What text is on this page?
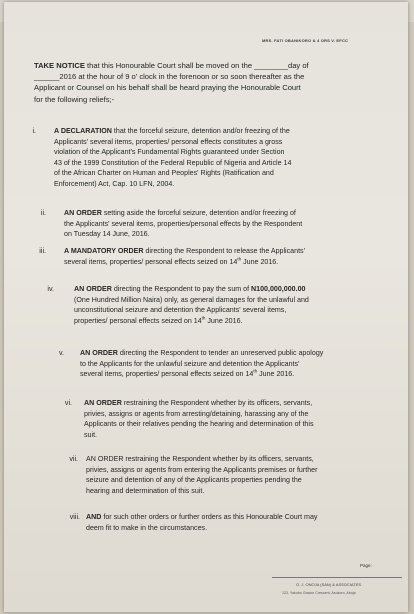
MRS. FATI OBANIKORO & 4 ORS V. EFCC
TAKE NOTICE that this Honourable Court shall be moved on the ________day of
______2016 at the hour of 9 o' clock in the forenoon or so soon thereafter as the
Applicant or Counsel on his behalf shall be heard praying the Honourable Court
for the following reliefs;-
i.	A DECLARATION that the forceful seizure, detention and/or freezing of the
Applicants' several items, properties/ personal effects constitutes a gross
violation of the Applicant's Fundamental Rights guaranteed under Section
43 of the 1999 Constitution of the Federal Republic of Nigeria and Article 14
of the African Charter on Human and Peoples' Rights (Ratification and
Enforcement) Act, Cap. 10 LFN, 2004.
ii.	AN ORDER setting aside the forceful seizure, detention and/or freezing of
the Applicants' several items, properties/personal effects by the Respondent
on Tuesday 14 June, 2016.
iii.	A MANDATORY ORDER directing the Respondent to release the Applicants'
several items, properties/ personal effects seized on 14th June 2016.
iv.	AN ORDER directing the Respondent to pay the sum of N100,000,000.00
(One Hundred Million Naira) only, as general damages for the unlawful and
unconstitutional seizure and detention the Applicants' several items,
properties/ personal effects seized on 14th June 2016.
v. AN ORDER directing the Respondent to tender an unreserved public apology
to the Applicants for the unlawful seizure and detention the Applicants'
several items, properties/ personal effects seized on 14th June 2016.
vi. AN ORDER restraining the Respondent whether by its officers, servants,
privies, assigns or agents from arresting/detaining, harassing any of the
Applicants or their relatives pending the hearing and determination of this
suit.
vii. AN ORDER restraining the Respondent whether by its officers, servants,
privies, assigns or agents from entering the Applicants premises or further
seizure and detention of any of the Applicants properties pending the
hearing and determination of this suit.
viii. AND for such other orders or further orders as this Honourable Court may
deem fit to make in the circumstances.
Page:
O. J. ONOJA (SAN) & ASSOCIATES
123, Yakubu Gowon Crescent, Asokoro, Abuja
